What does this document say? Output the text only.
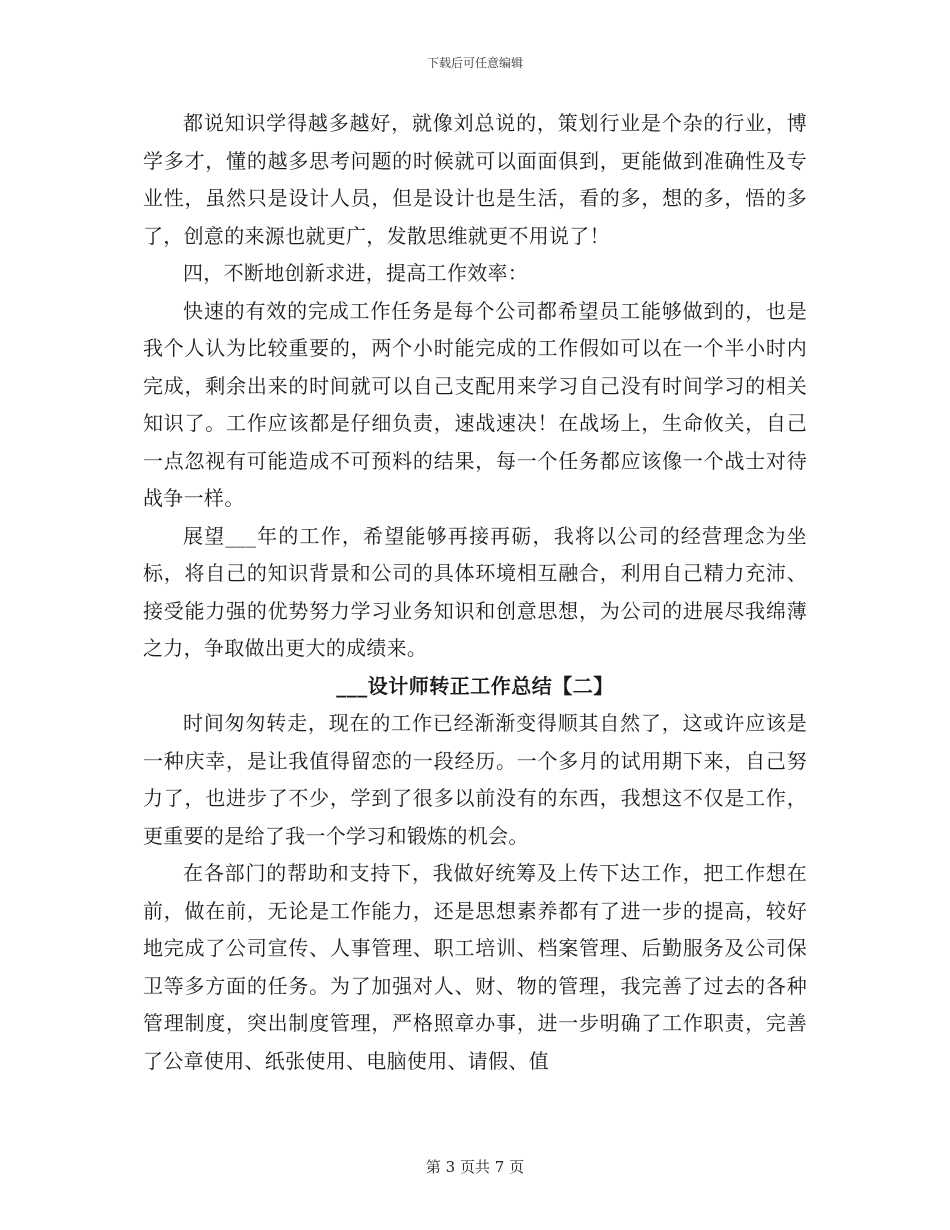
下载后可任意编辑

都说知识学得越多越好，就像刘总说的，策划行业是个杂的行业，博学多才，懂的越多思考问题的时候就可以面面俱到，更能做到准确性及专业性，虽然只是设计人员，但是设计也是生活，看的多，想的多，悟的多了，创意的来源也就更广，发散思维就更不用说了！

四，不断地创新求进，提高工作效率：

快速的有效的完成工作任务是每个公司都希望员工能够做到的，也是我个人认为比较重要的，两个小时能完成的工作假如可以在一个半小时内完成，剩余出来的时间就可以自己支配用来学习自己没有时间学习的相关知识了。工作应该都是仔细负责，速战速决！在战场上，生命攸关，自己一点忽视有可能造成不可预料的结果，每一个任务都应该像一个战士对待战争一样。

展望___年的工作，希望能够再接再砺，我将以公司的经营理念为坐标，将自己的知识背景和公司的具体环境相互融合，利用自己精力充沛、接受能力强的优势努力学习业务知识和创意思想，为公司的进展尽我绵薄之力，争取做出更大的成绩来。

___设计师转正工作总结【二】

时间匆匆转走，现在的工作已经渐渐变得顺其自然了，这或许应该是一种庆幸，是让我值得留恋的一段经历。一个多月的试用期下来，自己努力了，也进步了不少，学到了很多以前没有的东西，我想这不仅是工作，更重要的是给了我一个学习和锻炼的机会。

在各部门的帮助和支持下，我做好统筹及上传下达工作，把工作想在前，做在前，无论是工作能力，还是思想素养都有了进一步的提高，较好地完成了公司宣传、人事管理、职工培训、档案管理、后勤服务及公司保卫等多方面的任务。为了加强对人、财、物的管理，我完善了过去的各种管理制度，突出制度管理，严格照章办事，进一步明确了工作职责，完善了公章使用、纸张使用、电脑使用、请假、值

第 3 页共 7 页
